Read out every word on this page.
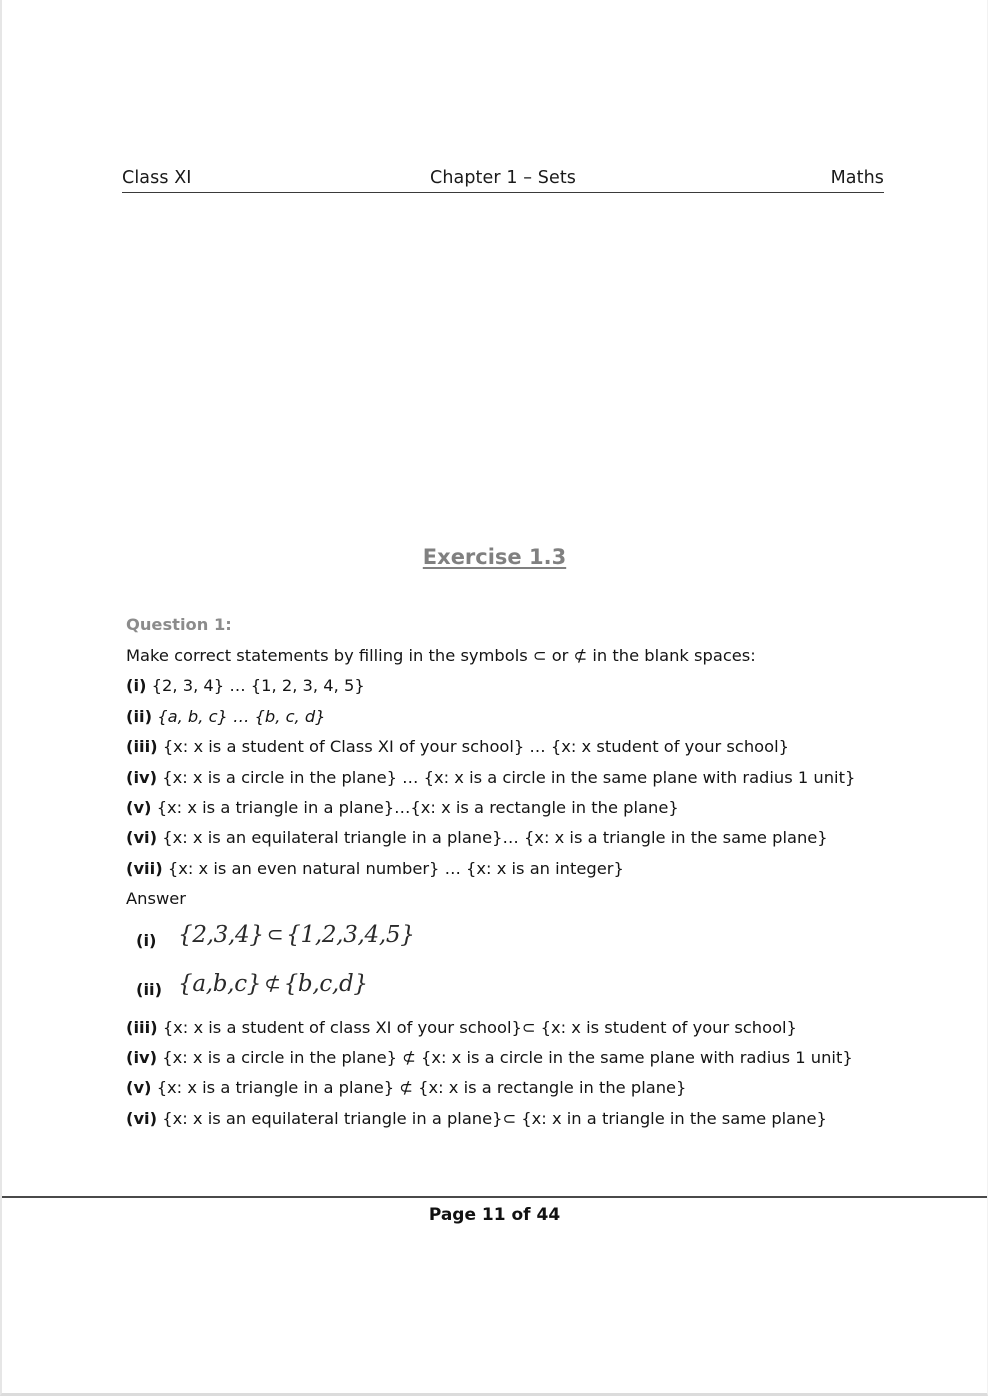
Class XI	Chapter 1 – Sets	Maths
Exercise 1.3
Question 1:
Make correct statements by filling in the symbols ⊂ or ⊄ in the blank spaces:
(i) {2, 3, 4} … {1, 2, 3, 4, 5}
(ii) {a, b, c} … {b, c, d}
(iii) {x: x is a student of Class XI of your school} … {x: x student of your school}
(iv) {x: x is a circle in the plane} … {x: x is a circle in the same plane with radius 1 unit}
(v) {x: x is a triangle in a plane}…{x: x is a rectangle in the plane}
(vi) {x: x is an equilateral triangle in a plane}… {x: x is a triangle in the same plane}
(vii) {x: x is an even natural number} … {x: x is an integer}
Answer
(i) {2,3,4} ⊂ {1,2,3,4,5}
(ii) {a,b,c} ⊄ {b,c,d}
(iii) {x: x is a student of class XI of your school}⊂ {x: x is student of your school}
(iv) {x: x is a circle in the plane} ⊄ {x: x is a circle in the same plane with radius 1 unit}
(v) {x: x is a triangle in a plane} ⊄ {x: x is a rectangle in the plane}
(vi) {x: x is an equilateral triangle in a plane}⊂ {x: x in a triangle in the same plane}
Page 11 of 44
